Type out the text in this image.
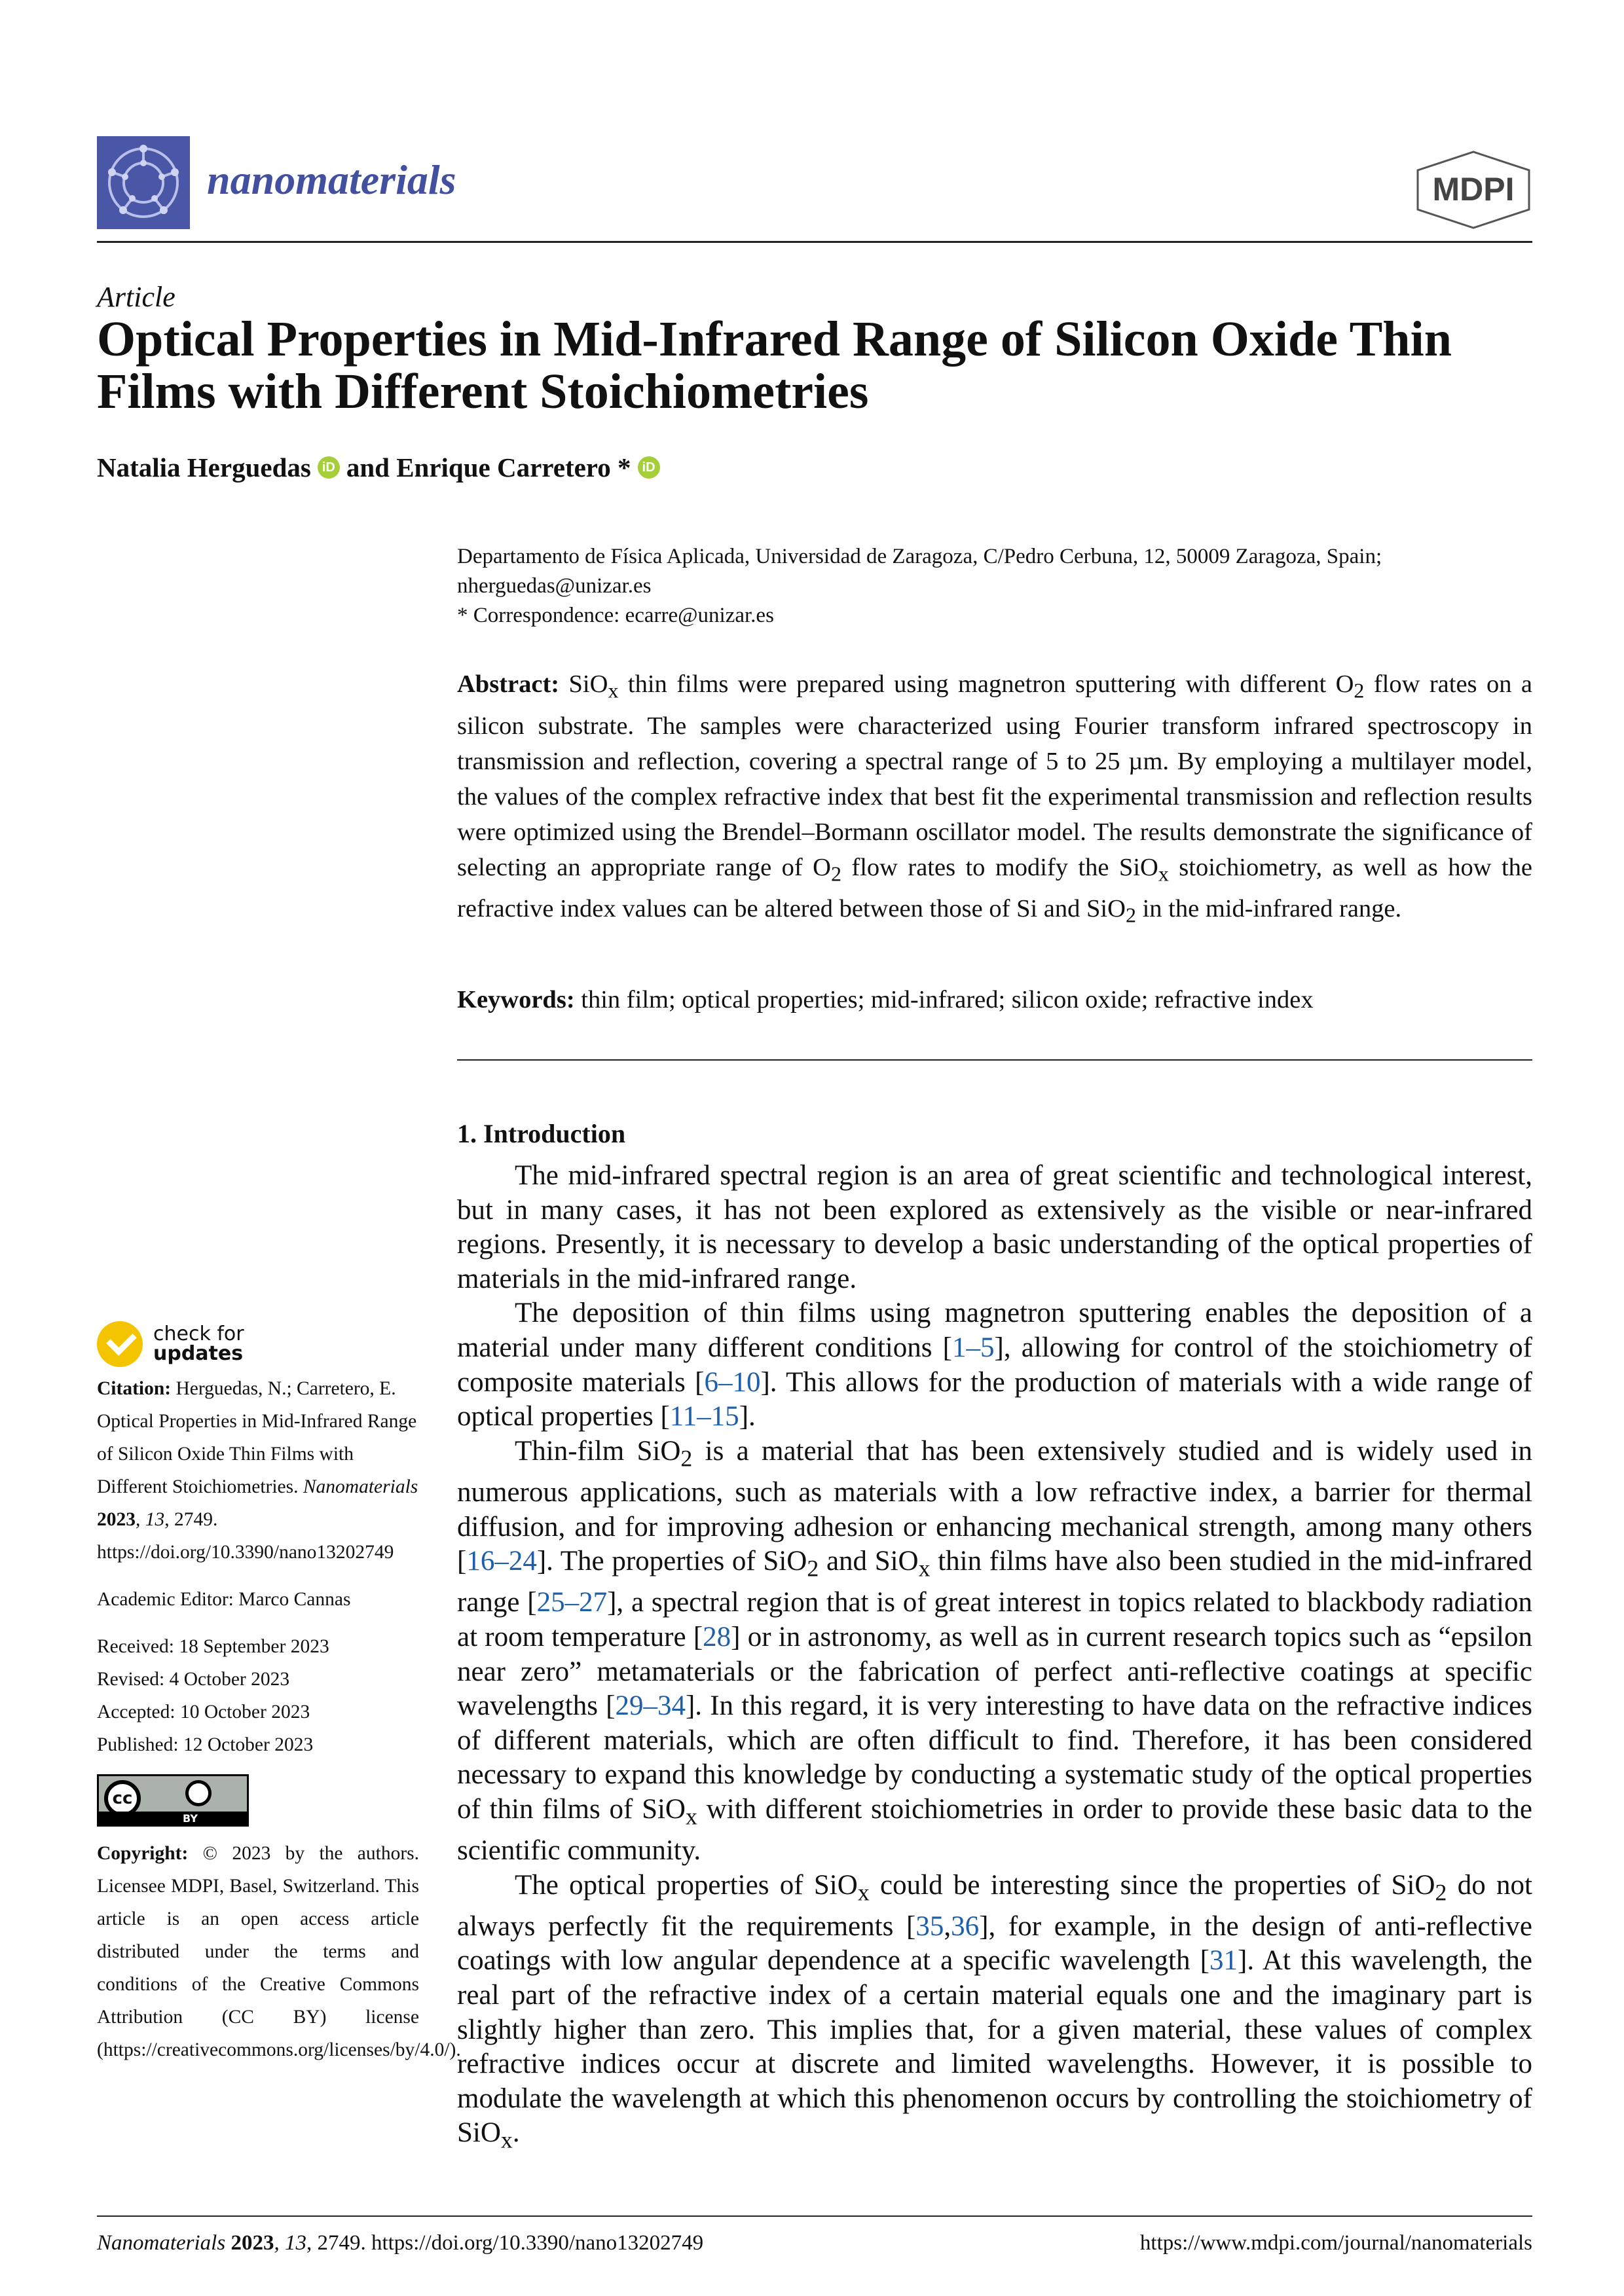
nanomaterials	MDPI
Article
Optical Properties in Mid-Infrared Range of Silicon Oxide Thin Films with Different Stoichiometries
Natalia Herguedas iD and Enrique Carretero * iD
Departamento de Física Aplicada, Universidad de Zaragoza, C/Pedro Cerbuna, 12, 50009 Zaragoza, Spain;
nherguedas@unizar.es
* Correspondence: ecarre@unizar.es
Abstract: SiO$_x$ thin films were prepared using magnetron sputtering with different $O_2$ flow rates on a silicon substrate. The samples were characterized using Fourier transform infrared spectroscopy in transmission and reflection, covering a spectral range of 5 to 25 µm. By employing a multilayer model, the values of the complex refractive index that best fit the experimental transmission and reflection results were optimized using the Brendel–Bormann oscillator model. The results demonstrate the significance of selecting an appropriate range of $O_2$ flow rates to modify the SiO$_x$ stoichiometry, as well as how the refractive index values can be altered between those of Si and SiO$_2$ in the mid-infrared range.
Keywords: thin film; optical properties; mid-infrared; silicon oxide; refractive index
1. Introduction

The mid-infrared spectral region is an area of great scientific and technological interest, but in many cases, it has not been explored as extensively as the visible or near-infrared regions. Presently, it is necessary to develop a basic understanding of the optical properties of materials in the mid-infrared range.

The deposition of thin films using magnetron sputtering enables the deposition of a material under many different conditions [1–5], allowing for control of the stoichiometry of composite materials [6–10]. This allows for the production of materials with a wide range of optical properties [11–15].

Thin-film SiO$_2$ is a material that has been extensively studied and is widely used in numerous applications, such as materials with a low refractive index, a barrier for thermal diffusion, and for improving adhesion or enhancing mechanical strength, among many others [16–24]. The properties of SiO$_2$ and SiO$_x$ thin films have also been studied in the mid-infrared range [25–27], a spectral region that is of great interest in topics related to blackbody radiation at room temperature [28] or in astronomy, as well as in current research topics such as “epsilon near zero” metamaterials or the fabrication of perfect anti-reflective coatings at specific wavelengths [29–34]. In this regard, it is very interesting to have data on the refractive indices of different materials, which are often difficult to find. Therefore, it has been considered necessary to expand this knowledge by conducting a systematic study of the optical properties of thin films of SiO$_x$ with different stoichiometries in order to provide these basic data to the scientific community.

The optical properties of SiO$_x$ could be interesting since the properties of SiO$_2$ do not always perfectly fit the requirements [35,36], for example, in the design of anti-reflective coatings with low angular dependence at a specific wavelength [31]. At this wavelength, the real part of the refractive index of a certain material equals one and the imaginary part is slightly higher than zero. This implies that, for a given material, these values of complex refractive indices occur at discrete and limited wavelengths. However, it is possible to modulate the wavelength at which this phenomenon occurs by controlling the stoichiometry of SiO$_x$.

check for
updates

Citation: Herguedas, N.; Carretero, E. Optical Properties in Mid-Infrared Range of Silicon Oxide Thin Films with Different Stoichiometries. Nanomaterials 2023, 13, 2749. https://doi.org/10.3390/nano13202749

Academic Editor: Marco Cannas

Received: 18 September 2023
Revised: 4 October 2023
Accepted: 10 October 2023
Published: 12 October 2023

cc
BY

Copyright: © 2023 by the authors. Licensee MDPI, Basel, Switzerland. This article is an open access article distributed under the terms and conditions of the Creative Commons Attribution (CC BY) license (https://creativecommons.org/licenses/by/4.0/).

Nanomaterials 2023, 13, 2749. https://doi.org/10.3390/nano13202749	https://www.mdpi.com/journal/nanomaterials
